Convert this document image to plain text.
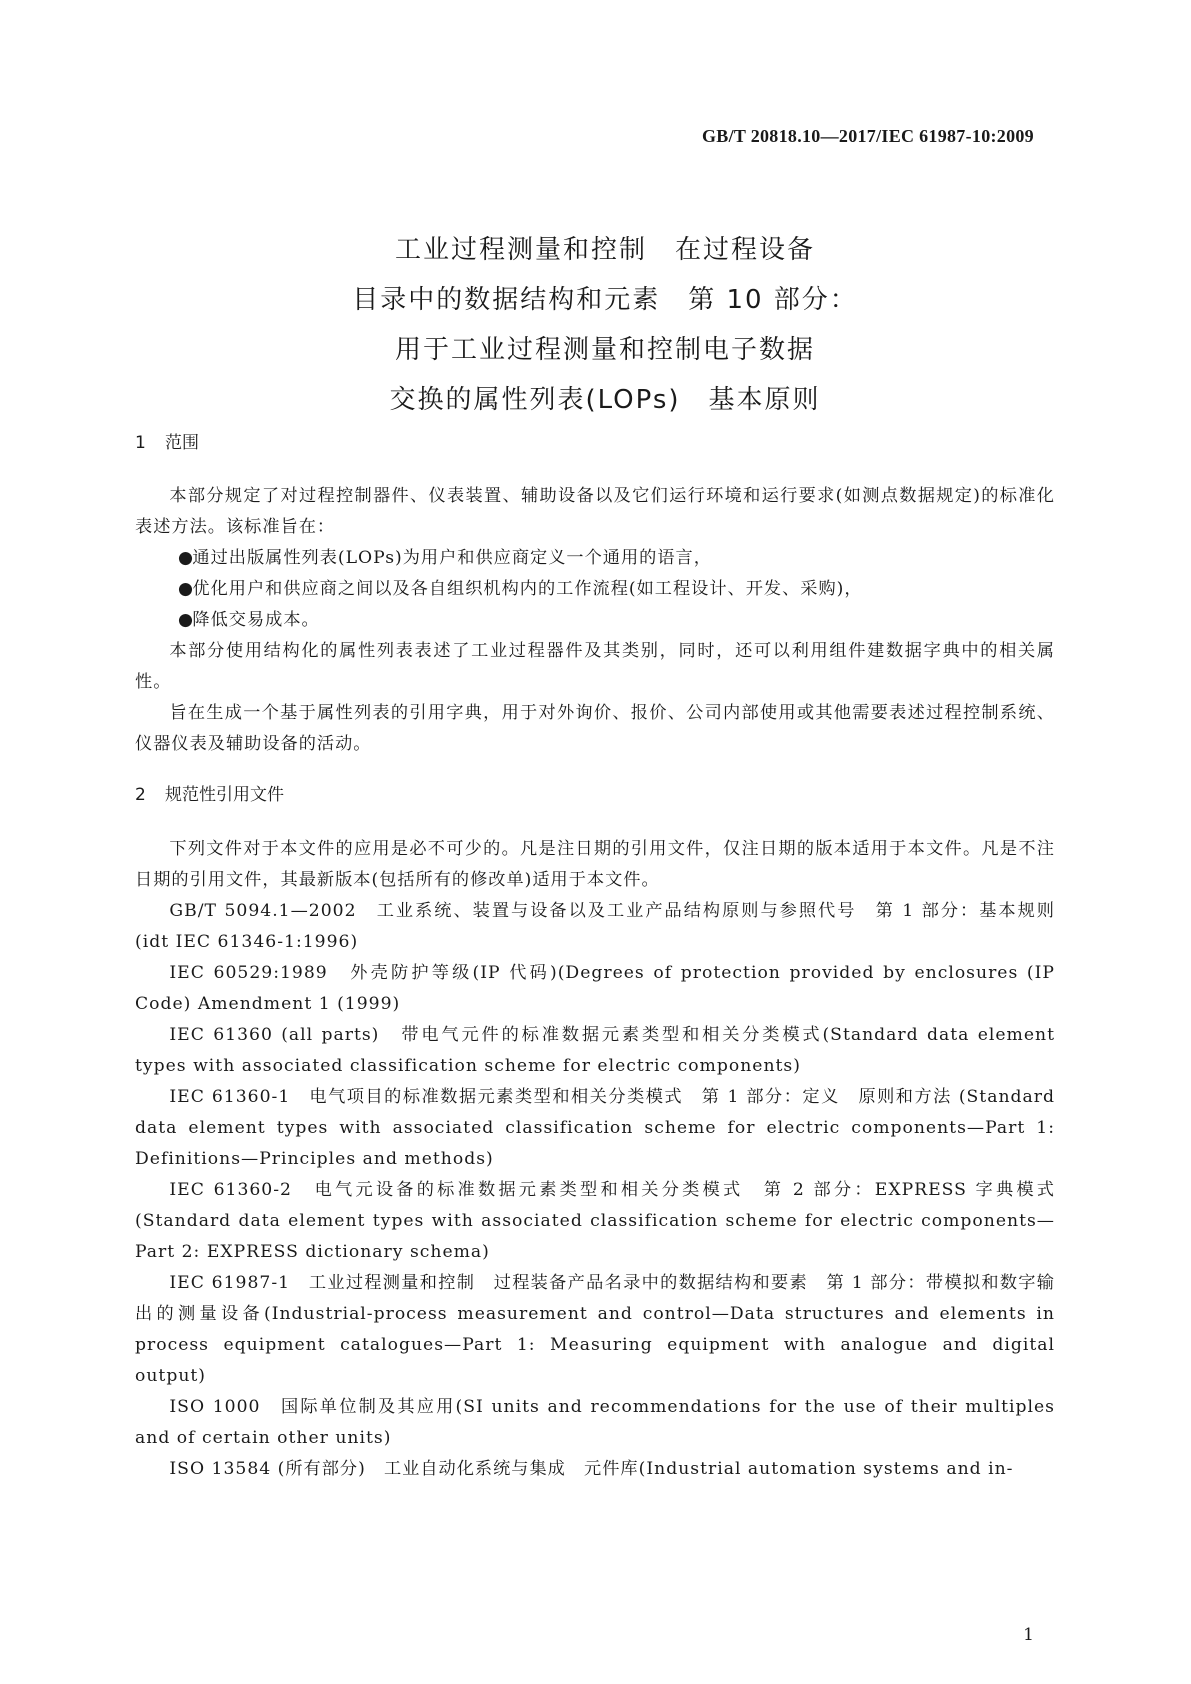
GB/T 20818.10—2017/IEC 61987-10:2009
工业过程测量和控制　在过程设备
目录中的数据结构和元素　第 10 部分：
用于工业过程测量和控制电子数据
交换的属性列表(LOPs)　基本原则
1 范围

本部分规定了对过程控制器件、仪表装置、辅助设备以及它们运行环境和运行要求(如测点数据规定)的标准化表述方法。该标准旨在：

●
通过出版属性列表(LOPs)为用户和供应商定义一个通用的语言，
●
优化用户和供应商之间以及各自组织机构内的工作流程(如工程设计、开发、采购)，
●
降低交易成本。

本部分使用结构化的属性列表表述了工业过程器件及其类别，同时，还可以利用组件建数据字典中的相关属性。

旨在生成一个基于属性列表的引用字典，用于对外询价、报价、公司内部使用或其他需要表述过程控制系统、仪器仪表及辅助设备的活动。

2 规范性引用文件

下列文件对于本文件的应用是必不可少的。凡是注日期的引用文件，仅注日期的版本适用于本文件。凡是不注日期的引用文件，其最新版本(包括所有的修改单)适用于本文件。

GB/T 5094.1—2002　工业系统、装置与设备以及工业产品结构原则与参照代号　第 1 部分：基本规则 (idt IEC 61346-1:1996)

IEC 60529:1989　外壳防护等级(IP 代码)(Degrees of protection provided by enclosures (IP Code) Amendment 1 (1999)

IEC 61360 (all parts)　带电气元件的标准数据元素类型和相关分类模式(Standard data element types with associated classification scheme for electric components)

IEC 61360-1　电气项目的标准数据元素类型和相关分类模式　第 1 部分：定义　原则和方法 (Standard data element types with associated classification scheme for electric components—Part 1: Definitions—Principles and methods)

IEC 61360-2　电气元设备的标准数据元素类型和相关分类模式　第 2 部分：EXPRESS 字典模式 (Standard data element types with associated classification scheme for electric components—Part 2: EXPRESS dictionary schema)

IEC 61987-1　工业过程测量和控制　过程装备产品名录中的数据结构和要素　第 1 部分：带模拟和数字输出的测量设备(Industrial-process measurement and control—Data structures and elements in process equipment catalogues—Part 1: Measuring equipment with analogue and digital output)

ISO 1000　国际单位制及其应用(SI units and recommendations for the use of their multiples and of certain other units)

ISO 13584 (所有部分)　工业自动化系统与集成　元件库(Industrial automation systems and in-

1
